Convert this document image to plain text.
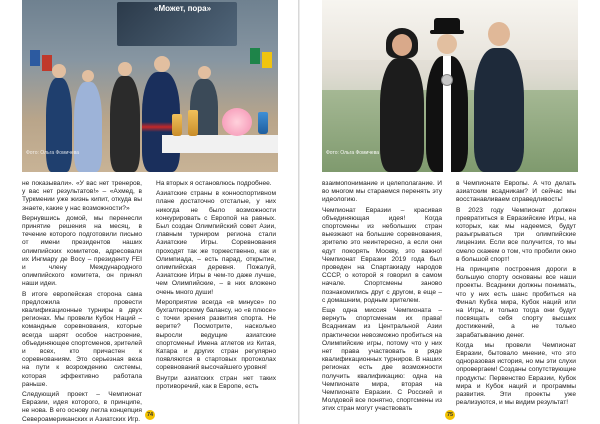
«Может, пора»
Фото: Ольга Фомичева

не показывали». «У вас нет тренеров, у вас нет результатов!» – «Ахмед, в Туркмении уже жизнь кипит, откуда вы знаете, какие у нас возможности?»

Вернувшись домой, мы перенесли принятие решения на месяц, в течение которого подготовили письмо от имени президентов наших олимпийских комитетов, адресовали их Ингмару де Восу – президенту FEI и члену Международного олимпийского комитета, он принял наши идеи.

В итоге европейская сторона сама предложила провести квалификационные турниры в двух регионах. Мы провели Кубок Наций – командные соревнования, которые всегда шарят особое настроение, объединяющее спортсменов, зрителей и всех, кто причастен к соревнованиям. Это серьезная веха на пути к возрождению системы, которая эффективно работала раньше.

Следующий проект – Чемпионат Евразии, идея которого, в принципе, не нова. В его основу легла концепция Североамериканских и Азиатских Игр.

На вторых я остановлюсь подробнее.

Азиатские страны в конноспортивном плане достаточно отсталые, у них никогда не было возможности конкурировать с Европой на равных. Был создан Олимпийский совет Азии, главным турниром региона стали Азиатские Игры. Соревнования проходят так же торжественно, как и Олимпиада, – есть парад, открытие, олимпийская деревня. Пожалуй, Азиатские Игры в чем-то даже лучше, чем Олимпийские, – в них вложено очень много души!

Мероприятие всегда «в минусе» по бухгалтерскому балансу, но «в плюсе» с точки зрения развития спорта. Не верите? Посмотрите, насколько выросли ведущие азиатские спортсмены! Имена атлетов из Китая, Катара и других стран регулярно появляются в стартовых протоколах соревнований высочайшего уровня!

Внутри азиатских стран нет таких противоречий, как в Европе, есть

74
Фото: Ольга Фомичева

взаимопонимание и целеполагание. И во многом мы стараемся перенять эту идеологию.

Чемпионат Евразии – красивая объединяющая идея! Когда спортсмены из небольших стран выезжают на большие соревнования, зрителю это неинтересно, а если они едут покорять Москву, это важно! Чемпионат Евразии 2019 года был проведен на Спартакиаду народов СССР, о которой я говорил в самом начале. Спортсмены заново познакомились друг с другом, в еще – с домашним, родным зрителем.

Еще одна миссия Чемпионата – вернуть спортсменам их права! Всадникам из Центральной Азии практически невозможно пробиться на Олимпийские игры, потому что у них нет права участвовать в ряде квалификационных турниров. В наших регионах есть две возможности получить квалификацию: одна на Чемпионате мира, вторая на Чемпионате Евразии. С Россией и Молдовой все понятно, спортсмены из этих стран могут участвовать

в Чемпионате Европы. А что делать азиатским всадникам? И сейчас мы восстанавливаем справедливость!

В 2023 году Чемпионат должен превратиться в Евразийские Игры, на которых, как мы надеемся, будут разыгрываться три олимпийские лицензии. Если все получится, то мы смело скажем о том, что пробили окно в большой спорт!

На принципе построения дороги в большую спорту основаны все наши проекты. Всадники должны понимать, что у них есть шанс пробиться на Финал Кубка мира, Кубок наций или на Игры, и только тогда они будут посвящать себя спорту высших достижений, а не только зарабатыванию денег.

Когда мы провели Чемпионат Евразии, бытовало мнение, что это одноразовая история, но мы эти слухи опровергаем! Созданы сопутствующие продукты: Первенство Евразии, Кубок мира и Кубок наций и программы развития. Эти проекты уже реализуются, и мы видим результат!

75
